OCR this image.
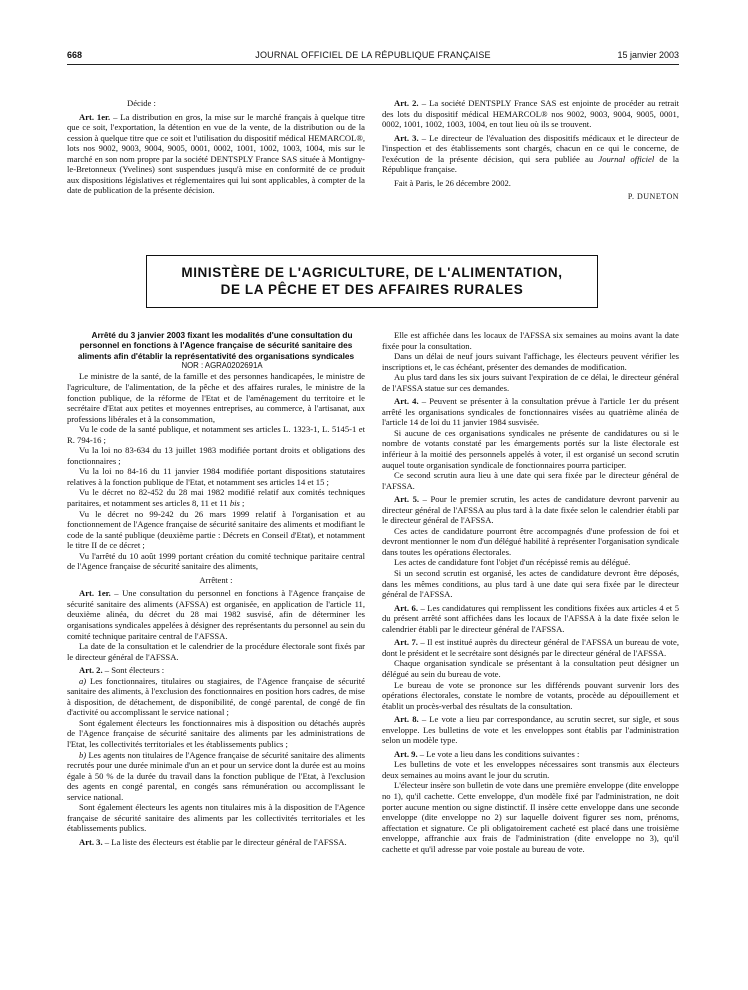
668	JOURNAL OFFICIEL DE LA RÉPUBLIQUE FRANÇAISE	15 janvier 2003

Décide :

Art. 1er. – La distribution en gros, la mise sur le marché français à quelque titre que ce soit, l'exportation, la détention en vue de la vente, de la distribution ou de la cession à quelque titre que ce soit et l'utilisation du dispositif médical HEMARCOL®, lots nos 9002, 9003, 9004, 9005, 0001, 0002, 1001, 1002, 1003, 1004, mis sur le marché en son nom propre par la société DENTSPLY France SAS située à Montigny-le-Bretonneux (Yvelines) sont suspendues jusqu'à mise en conformité de ce produit aux dispositions législatives et réglementaires qui lui sont applicables, à compter de la date de publication de la présente décision.

Art. 2. – La société DENTSPLY France SAS est enjointe de procéder au retrait des lots du dispositif médical HEMARCOL® nos 9002, 9003, 9004, 9005, 0001, 0002, 1001, 1002, 1003, 1004, en tout lieu où ils se trouvent.

Art. 3. – Le directeur de l'évaluation des dispositifs médicaux et le directeur de l'inspection et des établissements sont chargés, chacun en ce qui le concerne, de l'exécution de la présente décision, qui sera publiée au Journal officiel de la République française.

Fait à Paris, le 26 décembre 2002.

P. DUNETON
MINISTÈRE DE L'AGRICULTURE, DE L'ALIMENTATION,
DE LA PÊCHE ET DES AFFAIRES RURALES

Arrêté du 3 janvier 2003 fixant les modalités d'une consultation du personnel en fonctions à l'Agence française de sécurité sanitaire des aliments afin d'établir la représentativité des organisations syndicales

NOR : AGRA0202691A

Le ministre de la santé, de la famille et des personnes handicapées, le ministre de l'agriculture, de l'alimentation, de la pêche et des affaires rurales, le ministre de la fonction publique, de la réforme de l'Etat et de l'aménagement du territoire et le secrétaire d'Etat aux petites et moyennes entreprises, au commerce, à l'artisanat, aux professions libérales et à la consommation,

Vu le code de la santé publique, et notamment ses articles L. 1323-1, L. 5145-1 et R. 794-16 ;

Vu la loi no 83-634 du 13 juillet 1983 modifiée portant droits et obligations des fonctionnaires ;

Vu la loi no 84-16 du 11 janvier 1984 modifiée portant dispositions statutaires relatives à la fonction publique de l'Etat, et notamment ses articles 14 et 15 ;

Vu le décret no 82-452 du 28 mai 1982 modifié relatif aux comités techniques paritaires, et notamment ses articles 8, 11 et 11 bis ;

Vu le décret no 99-242 du 26 mars 1999 relatif à l'organisation et au fonctionnement de l'Agence française de sécurité sanitaire des aliments et modifiant le code de la santé publique (deuxième partie : Décrets en Conseil d'Etat), et notamment le titre II de ce décret ;

Vu l'arrêté du 10 août 1999 portant création du comité technique paritaire central de l'Agence française de sécurité sanitaire des aliments,

Arrêtent :

Art. 1er. – Une consultation du personnel en fonctions à l'Agence française de sécurité sanitaire des aliments (AFSSA) est organisée, en application de l'article 11, deuxième alinéa, du décret du 28 mai 1982 susvisé, afin de déterminer les organisations syndicales appelées à désigner des représentants du personnel au sein du comité technique paritaire central de l'AFSSA.

La date de la consultation et le calendrier de la procédure électorale sont fixés par le directeur général de l'AFSSA.

Art. 2. – Sont électeurs :

a) Les fonctionnaires, titulaires ou stagiaires, de l'Agence française de sécurité sanitaire des aliments, à l'exclusion des fonctionnaires en position hors cadres, de mise à disposition, de détachement, de disponibilité, de congé parental, de congé de fin d'activité ou accomplissant le service national ;

Sont également électeurs les fonctionnaires mis à disposition ou détachés auprès de l'Agence française de sécurité sanitaire des aliments par les administrations de l'Etat, les collectivités territoriales et les établissements publics ;

b) Les agents non titulaires de l'Agence française de sécurité sanitaire des aliments recrutés pour une durée minimale d'un an et pour un service dont la durée est au moins égale à 50 % de la durée du travail dans la fonction publique de l'Etat, à l'exclusion des agents en congé parental, en congés sans rémunération ou accomplissant le service national.

Sont également électeurs les agents non titulaires mis à la disposition de l'Agence française de sécurité sanitaire des aliments par les collectivités territoriales et les établissements publics.

Art. 3. – La liste des électeurs est établie par le directeur général de l'AFSSA.

Elle est affichée dans les locaux de l'AFSSA six semaines au moins avant la date fixée pour la consultation.

Dans un délai de neuf jours suivant l'affichage, les électeurs peuvent vérifier les inscriptions et, le cas échéant, présenter des demandes de modification.

Au plus tard dans les six jours suivant l'expiration de ce délai, le directeur général de l'AFSSA statue sur ces demandes.

Art. 4. – Peuvent se présenter à la consultation prévue à l'article 1er du présent arrêté les organisations syndicales de fonctionnaires visées au quatrième alinéa de l'article 14 de loi du 11 janvier 1984 susvisée.

Si aucune de ces organisations syndicales ne présente de candidatures ou si le nombre de votants constaté par les émargements portés sur la liste électorale est inférieur à la moitié des personnels appelés à voter, il est organisé un second scrutin auquel toute organisation syndicale de fonctionnaires pourra participer.

Ce second scrutin aura lieu à une date qui sera fixée par le directeur général de l'AFSSA.

Art. 5. – Pour le premier scrutin, les actes de candidature devront parvenir au directeur général de l'AFSSA au plus tard à la date fixée selon le calendrier établi par le directeur général de l'AFSSA.

Ces actes de candidature pourront être accompagnés d'une profession de foi et devront mentionner le nom d'un délégué habilité à représenter l'organisation syndicale dans toutes les opérations électorales.

Les actes de candidature font l'objet d'un récépissé remis au délégué.

Si un second scrutin est organisé, les actes de candidature devront être déposés, dans les mêmes conditions, au plus tard à une date qui sera fixée par le directeur général de l'AFSSA.

Art. 6. – Les candidatures qui remplissent les conditions fixées aux articles 4 et 5 du présent arrêté sont affichées dans les locaux de l'AFSSA à la date fixée selon le calendrier établi par le directeur général de l'AFSSA.

Art. 7. – Il est institué auprès du directeur général de l'AFSSA un bureau de vote, dont le président et le secrétaire sont désignés par le directeur général de l'AFSSA.

Chaque organisation syndicale se présentant à la consultation peut désigner un délégué au sein du bureau de vote.

Le bureau de vote se prononce sur les différends pouvant survenir lors des opérations électorales, constate le nombre de votants, procède au dépouillement et établit un procès-verbal des résultats de la consultation.

Art. 8. – Le vote a lieu par correspondance, au scrutin secret, sur sigle, et sous enveloppe. Les bulletins de vote et les enveloppes sont établis par l'administration selon un modèle type.

Art. 9. – Le vote a lieu dans les conditions suivantes :

Les bulletins de vote et les enveloppes nécessaires sont transmis aux électeurs deux semaines au moins avant le jour du scrutin.

L'électeur insère son bulletin de vote dans une première enveloppe (dite enveloppe no 1), qu'il cachette. Cette enveloppe, d'un modèle fixé par l'administration, ne doit porter aucune mention ou signe distinctif. Il insère cette enveloppe dans une seconde enveloppe (dite enveloppe no 2) sur laquelle doivent figurer ses nom, prénoms, affectation et signature. Ce pli obligatoirement cacheté est placé dans une troisième enveloppe, affranchie aux frais de l'administration (dite enveloppe no 3), qu'il cachette et qu'il adresse par voie postale au bureau de vote.
